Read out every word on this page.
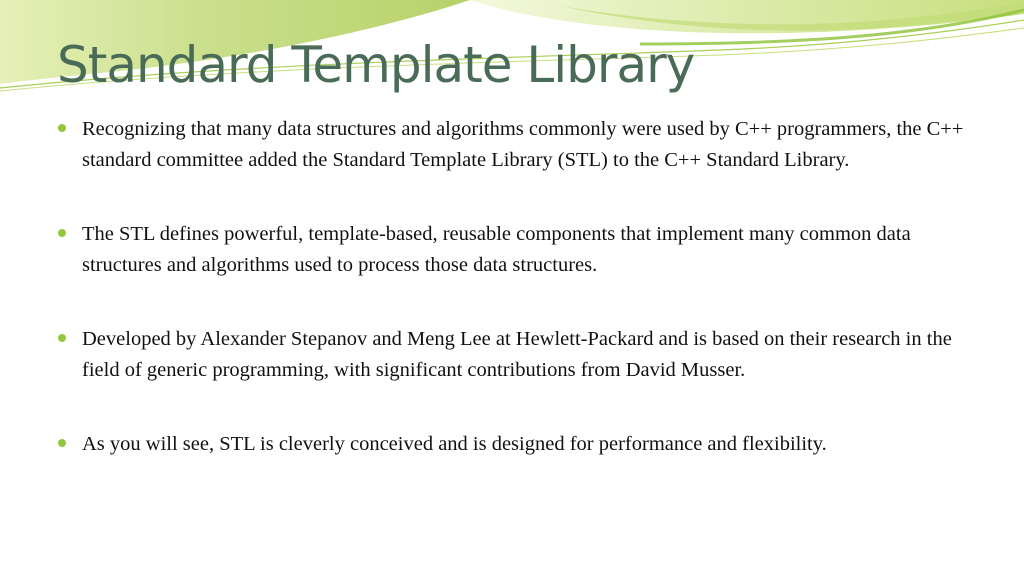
Standard Template Library
Recognizing that many data structures and algorithms commonly were used by C++ programmers, the C++ standard committee added the Standard Template Library (STL) to the C++ Standard Library.
The STL defines powerful, template-based, reusable components that implement many common data structures and algorithms used to process those data structures.
Developed by Alexander Stepanov and Meng Lee at Hewlett-Packard and is based on their research in the field of generic programming, with significant contributions from David Musser.
As you will see, STL is cleverly conceived and is designed for performance and flexibility.
